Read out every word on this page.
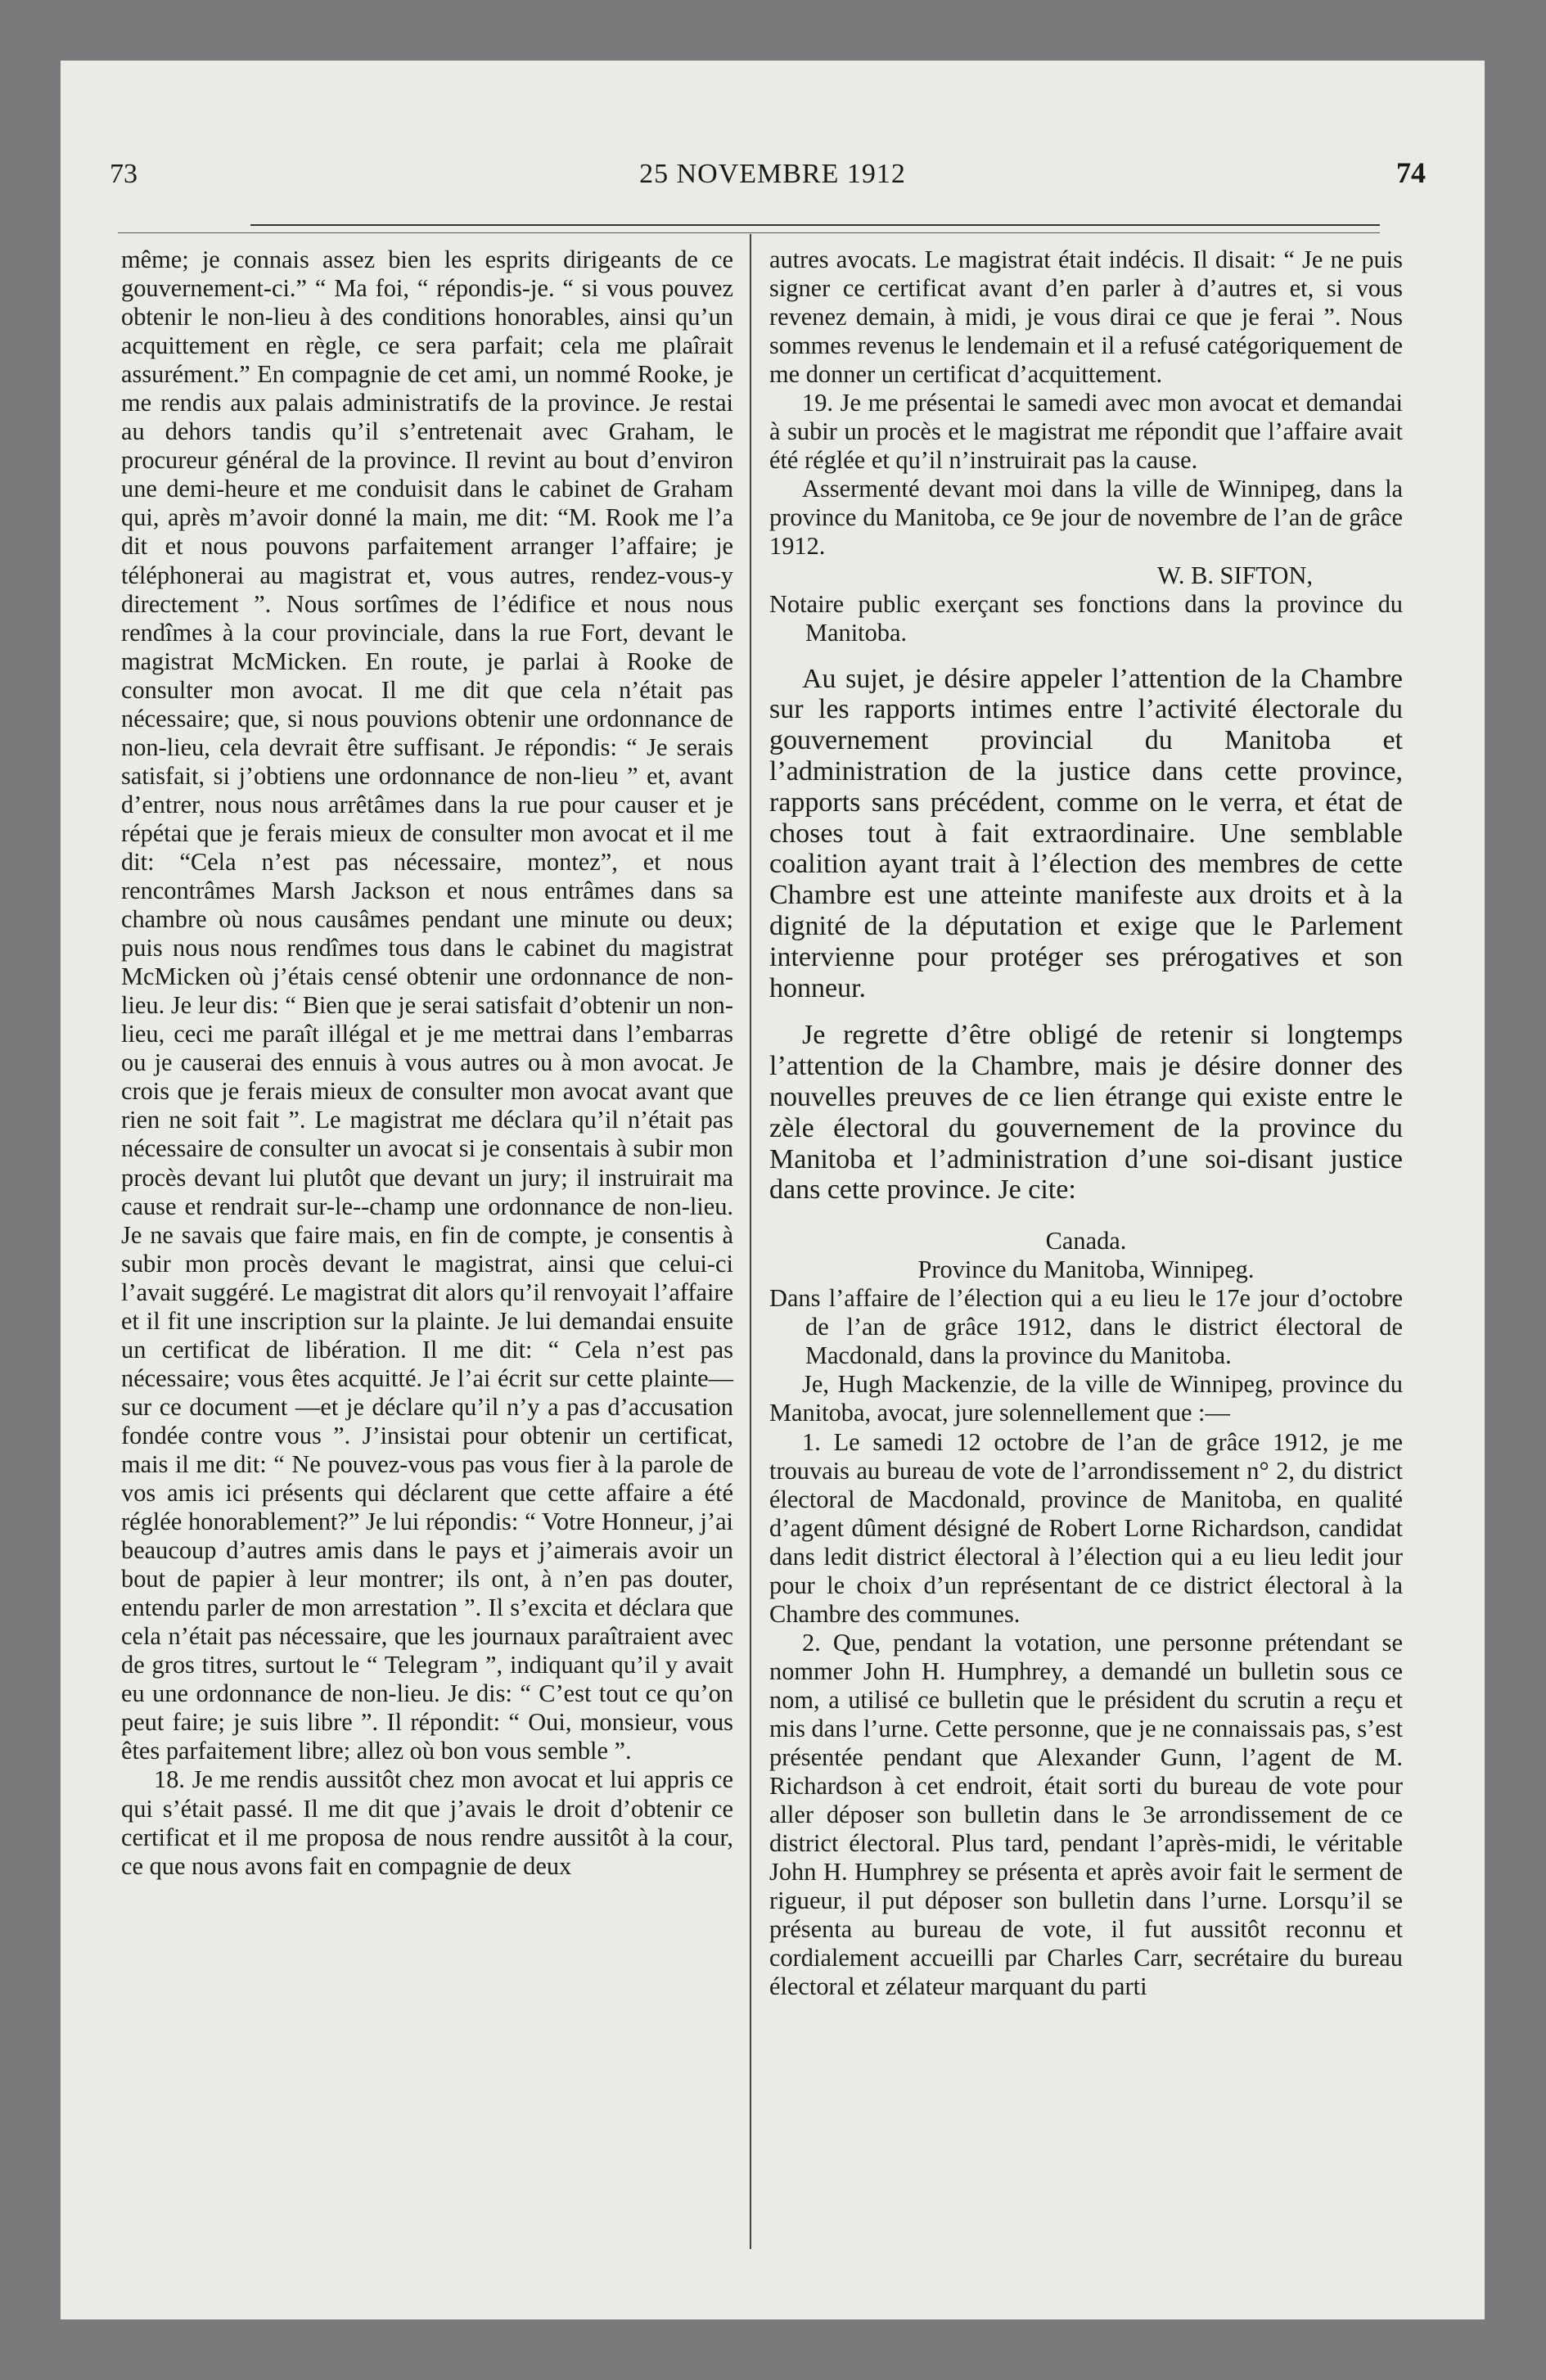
73	25 NOVEMBRE 1912	74

même; je connais assez bien les esprits dirigeants de ce gouvernement-ci.” “ Ma foi, “ répondis-je. “ si vous pouvez obtenir le non-lieu à des conditions honorables, ainsi qu’un acquittement en règle, ce sera parfait; cela me plaîrait assurément.” En compagnie de cet ami, un nommé Rooke, je me rendis aux palais administratifs de la province. Je restai au dehors tandis qu’il s’entretenait avec Graham, le procureur général de la province. Il revint au bout d’environ une demi-heure et me conduisit dans le cabinet de Graham qui, après m’avoir donné la main, me dit: “M. Rook me l’a dit et nous pouvons parfaitement arranger l’affaire; je téléphonerai au magistrat et, vous autres, rendez-vous-y directement ”. Nous sortîmes de l’édifice et nous nous rendîmes à la cour provinciale, dans la rue Fort, devant le magistrat McMicken. En route, je parlai à Rooke de consulter mon avocat. Il me dit que cela n’était pas nécessaire; que, si nous pouvions obtenir une ordonnance de non-lieu, cela devrait être suffisant. Je répondis: “ Je serais satisfait, si j’obtiens une ordonnance de non-lieu ” et, avant d’entrer, nous nous arrêtâmes dans la rue pour causer et je répétai que je ferais mieux de consulter mon avocat et il me dit: “Cela n’est pas nécessaire, montez”, et nous rencontrâmes Marsh Jackson et nous entrâmes dans sa chambre où nous causâmes pendant une minute ou deux; puis nous nous rendîmes tous dans le cabinet du magistrat McMicken où j’étais censé obtenir une ordonnance de non-lieu. Je leur dis: “ Bien que je serai satisfait d’obtenir un non-lieu, ceci me paraît illégal et je me mettrai dans l’embarras ou je causerai des ennuis à vous autres ou à mon avocat. Je crois que je ferais mieux de consulter mon avocat avant que rien ne soit fait ”. Le magistrat me déclara qu’il n’était pas nécessaire de consulter un avocat si je consentais à subir mon procès devant lui plutôt que devant un jury; il instruirait ma cause et rendrait sur-le--champ une ordonnance de non-lieu. Je ne savais que faire mais, en fin de compte, je consentis à subir mon procès devant le magistrat, ainsi que celui-ci l’avait suggéré. Le magistrat dit alors qu’il renvoyait l’affaire et il fit une inscription sur la plainte. Je lui demandai ensuite un certificat de libération. Il me dit: “ Cela n’est pas nécessaire; vous êtes acquitté. Je l’ai écrit sur cette plainte—sur ce document —et je déclare qu’il n’y a pas d’accusation fondée contre vous ”. J’insistai pour obtenir un certificat, mais il me dit: “ Ne pouvez-vous pas vous fier à la parole de vos amis ici présents qui déclarent que cette affaire a été réglée honorablement?” Je lui répondis: “ Votre Honneur, j’ai beaucoup d’autres amis dans le pays et j’aimerais avoir un bout de papier à leur montrer; ils ont, à n’en pas douter, entendu parler de mon arrestation ”. Il s’excita et déclara que cela n’était pas nécessaire, que les journaux paraîtraient avec de gros titres, surtout le “ Telegram ”, indiquant qu’il y avait eu une ordonnance de non-lieu. Je dis: “ C’est tout ce qu’on peut faire; je suis libre ”. Il répondit: “ Oui, monsieur, vous êtes parfaitement libre; allez où bon vous semble ”.

18. Je me rendis aussitôt chez mon avocat et lui appris ce qui s’était passé. Il me dit que j’avais le droit d’obtenir ce certificat et il me proposa de nous rendre aussitôt à la cour, ce que nous avons fait en compagnie de deux

autres avocats. Le magistrat était indécis. Il disait: “ Je ne puis signer ce certificat avant d’en parler à d’autres et, si vous revenez demain, à midi, je vous dirai ce que je ferai ”. Nous sommes revenus le lendemain et il a refusé catégoriquement de me donner un certificat d’acquittement.

19. Je me présentai le samedi avec mon avocat et demandai à subir un procès et le magistrat me répondit que l’affaire avait été réglée et qu’il n’instruirait pas la cause.

Assermenté devant moi dans la ville de Winnipeg, dans la province du Manitoba, ce 9e jour de novembre de l’an de grâce 1912.

W. B. SIFTON,

Notaire public exerçant ses fonctions dans la province du Manitoba.

Au sujet, je désire appeler l’attention de la Chambre sur les rapports intimes entre l’activité électorale du gouvernement provincial du Manitoba et l’administration de la justice dans cette province, rapports sans précédent, comme on le verra, et état de choses tout à fait extraordinaire. Une semblable coalition ayant trait à l’élection des membres de cette Chambre est une atteinte manifeste aux droits et à la dignité de la députation et exige que le Parlement intervienne pour protéger ses prérogatives et son honneur.

Je regrette d’être obligé de retenir si longtemps l’attention de la Chambre, mais je désire donner des nouvelles preuves de ce lien étrange qui existe entre le zèle électoral du gouvernement de la province du Manitoba et l’administration d’une soi-disant justice dans cette province. Je cite:

Canada.

Province du Manitoba, Winnipeg.

Dans l’affaire de l’élection qui a eu lieu le 17e jour d’octobre de l’an de grâce 1912, dans le district électoral de Macdonald, dans la province du Manitoba.

Je, Hugh Mackenzie, de la ville de Winnipeg, province du Manitoba, avocat, jure solennellement que :—

1. Le samedi 12 octobre de l’an de grâce 1912, je me trouvais au bureau de vote de l’arrondissement n° 2, du district électoral de Macdonald, province de Manitoba, en qualité d’agent dûment désigné de Robert Lorne Richardson, candidat dans ledit district électoral à l’élection qui a eu lieu ledit jour pour le choix d’un représentant de ce district électoral à la Chambre des communes.

2. Que, pendant la votation, une personne prétendant se nommer John H. Humphrey, a demandé un bulletin sous ce nom, a utilisé ce bulletin que le président du scrutin a reçu et mis dans l’urne. Cette personne, que je ne connaissais pas, s’est présentée pendant que Alexander Gunn, l’agent de M. Richardson à cet endroit, était sorti du bureau de vote pour aller déposer son bulletin dans le 3e arrondissement de ce district électoral. Plus tard, pendant l’après-midi, le véritable John H. Humphrey se présenta et après avoir fait le serment de rigueur, il put déposer son bulletin dans l’urne. Lorsqu’il se présenta au bureau de vote, il fut aussitôt reconnu et cordialement accueilli par Charles Carr, secrétaire du bureau électoral et zélateur marquant du parti
